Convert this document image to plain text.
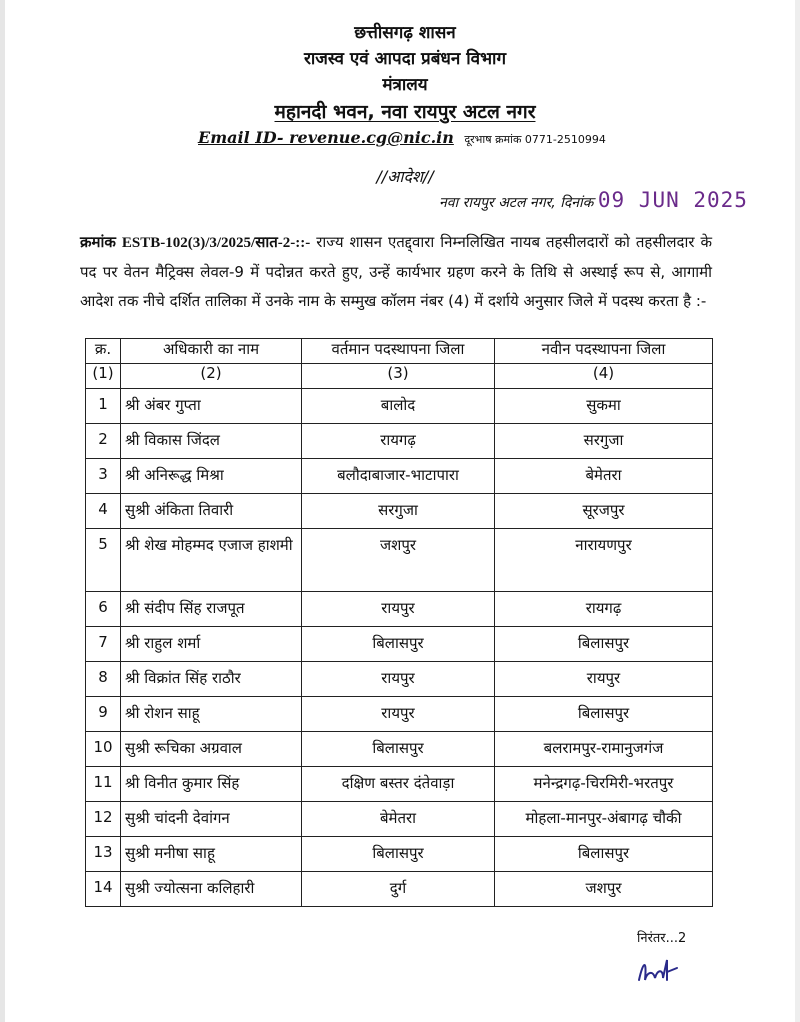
छत्तीसगढ़ शासन
राजस्व एवं आपदा प्रबंधन विभाग
मंत्रालय
महानदी भवन, नवा रायपुर अटल नगर
Email ID- revenue.cg@nic.in दूरभाष क्रमांक 0771-2510994
//आदेश//
नवा रायपुर अटल नगर, दिनांक 09 JUN 2025
क्रमांक ESTB-102(3)/3/2025/सात-2-::- राज्य शासन एतद्द्वारा निम्नलिखित नायब तहसीलदारों को तहसीलदार के पद पर वेतन मैट्रिक्स लेवल-9 में पदोन्नत करते हुए, उन्हें कार्यभार ग्रहण करने के तिथि से अस्थाई रूप से, आगामी आदेश तक नीचे दर्शित तालिका में उनके नाम के सम्मुख कॉलम नंबर (4) में दर्शाये अनुसार जिले में पदस्थ करता है :-
क्र.	अधिकारी का नाम	वर्तमान पदस्थापना जिला	नवीन पदस्थापना जिला
(1)	(2)	(3)	(4)
1	श्री अंबर गुप्ता	बालोद	सुकमा
2	श्री विकास जिंदल	रायगढ़	सरगुजा
3	श्री अनिरूद्ध मिश्रा	बलौदाबाजार-भाटापारा	बेमेतरा
4	सुश्री अंकिता तिवारी	सरगुजा	सूरजपुर
5	श्री शेख मोहम्मद एजाज हाशमी	जशपुर	नारायणपुर
6	श्री संदीप सिंह राजपूत	रायपुर	रायगढ़
7	श्री राहुल शर्मा	बिलासपुर	बिलासपुर
8	श्री विक्रांत सिंह राठौर	रायपुर	रायपुर
9	श्री रोशन साहू	रायपुर	बिलासपुर
10	सुश्री रूचिका अग्रवाल	बिलासपुर	बलरामपुर-रामानुजगंज
11	श्री विनीत कुमार सिंह	दक्षिण बस्तर दंतेवाड़ा	मनेन्द्रगढ़-चिरमिरी-भरतपुर
12	सुश्री चांदनी देवांगन	बेमेतरा	मोहला-मानपुर-अंबागढ़ चौकी
13	सुश्री मनीषा साहू	बिलासपुर	बिलासपुर
14	सुश्री ज्योत्सना कलिहारी	दुर्ग	जशपुर
निरंतर...2
